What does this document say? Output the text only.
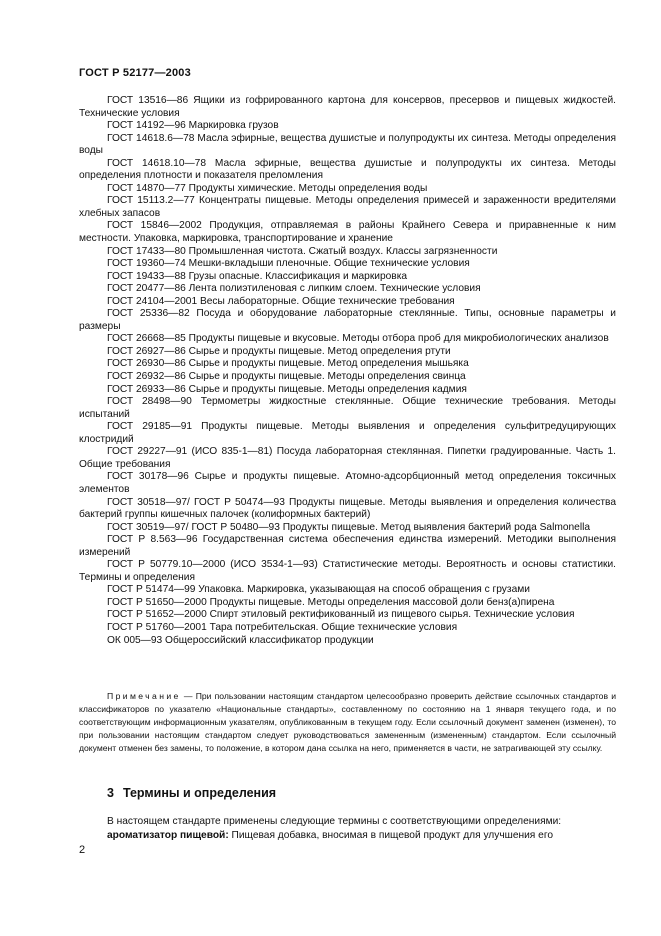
ГОСТ Р 52177—2003

ГОСТ 13516—86 Ящики из гофрированного картона для консервов, пресервов и пищевых жидкостей. Технические условия

ГОСТ 14192—96 Маркировка грузов

ГОСТ 14618.6—78 Масла эфирные, вещества душистые и полупродукты их синтеза. Методы определения воды

ГОСТ 14618.10—78 Масла эфирные, вещества душистые и полупродукты их синтеза. Методы определения плотности и показателя преломления

ГОСТ 14870—77 Продукты химические. Методы определения воды

ГОСТ 15113.2—77 Концентраты пищевые. Методы определения примесей и зараженности вредителями хлебных запасов

ГОСТ 15846—2002 Продукция, отправляемая в районы Крайнего Севера и приравненные к ним местности. Упаковка, маркировка, транспортирование и хранение

ГОСТ 17433—80 Промышленная чистота. Сжатый воздух. Классы загрязненности

ГОСТ 19360—74 Мешки-вкладыши пленочные. Общие технические условия

ГОСТ 19433—88 Грузы опасные. Классификация и маркировка

ГОСТ 20477—86 Лента полиэтиленовая с липким слоем. Технические условия

ГОСТ 24104—2001 Весы лабораторные. Общие технические требования

ГОСТ 25336—82 Посуда и оборудование лабораторные стеклянные. Типы, основные параметры и размеры

ГОСТ 26668—85 Продукты пищевые и вкусовые. Методы отбора проб для микробиологических анализов

ГОСТ 26927—86 Сырье и продукты пищевые. Метод определения ртути

ГОСТ 26930—86 Сырье и продукты пищевые. Метод определения мышьяка

ГОСТ 26932—86 Сырье и продукты пищевые. Методы определения свинца

ГОСТ 26933—86 Сырье и продукты пищевые. Методы определения кадмия

ГОСТ 28498—90 Термометры жидкостные стеклянные. Общие технические требования. Методы испытаний

ГОСТ 29185—91 Продукты пищевые. Методы выявления и определения сульфитредуцирующих клостридий

ГОСТ 29227—91 (ИСО 835-1—81) Посуда лабораторная стеклянная. Пипетки градуированные. Часть 1. Общие требования

ГОСТ 30178—96 Сырье и продукты пищевые. Атомно-адсорбционный метод определения токсичных элементов

ГОСТ 30518—97/ ГОСТ Р 50474—93 Продукты пищевые. Методы выявления и определения количества бактерий группы кишечных палочек (колиформных бактерий)

ГОСТ 30519—97/ ГОСТ Р 50480—93 Продукты пищевые. Метод выявления бактерий рода Salmonella

ГОСТ Р 8.563—96 Государственная система обеспечения единства измерений. Методики выполнения измерений

ГОСТ Р 50779.10—2000 (ИСО 3534-1—93) Статистические методы. Вероятность и основы статистики. Термины и определения

ГОСТ Р 51474—99 Упаковка. Маркировка, указывающая на способ обращения с грузами

ГОСТ Р 51650—2000 Продукты пищевые. Методы определения массовой доли бенз(а)пирена

ГОСТ Р 51652—2000 Спирт этиловый ректификованный из пищевого сырья. Технические условия

ГОСТ Р 51760—2001 Тара потребительская. Общие технические условия

ОК 005—93 Общероссийский классификатор продукции

Примечание — При пользовании настоящим стандартом целесообразно проверить действие ссылочных стандартов и классификаторов по указателю «Национальные стандарты», составленному по состоянию на 1 января текущего года, и по соответствующим информационным указателям, опубликованным в текущем году. Если ссылочный документ заменен (изменен), то при пользовании настоящим стандартом следует руководствоваться замененным (измененным) стандартом. Если ссылочный документ отменен без замены, то положение, в котором дана ссылка на него, применяется в части, не затрагивающей эту ссылку.

3 Термины и определения

В настоящем стандарте применены следующие термины с соответствующими определениями:

ароматизатор пищевой: Пищевая добавка, вносимая в пищевой продукт для улучшения его

2
